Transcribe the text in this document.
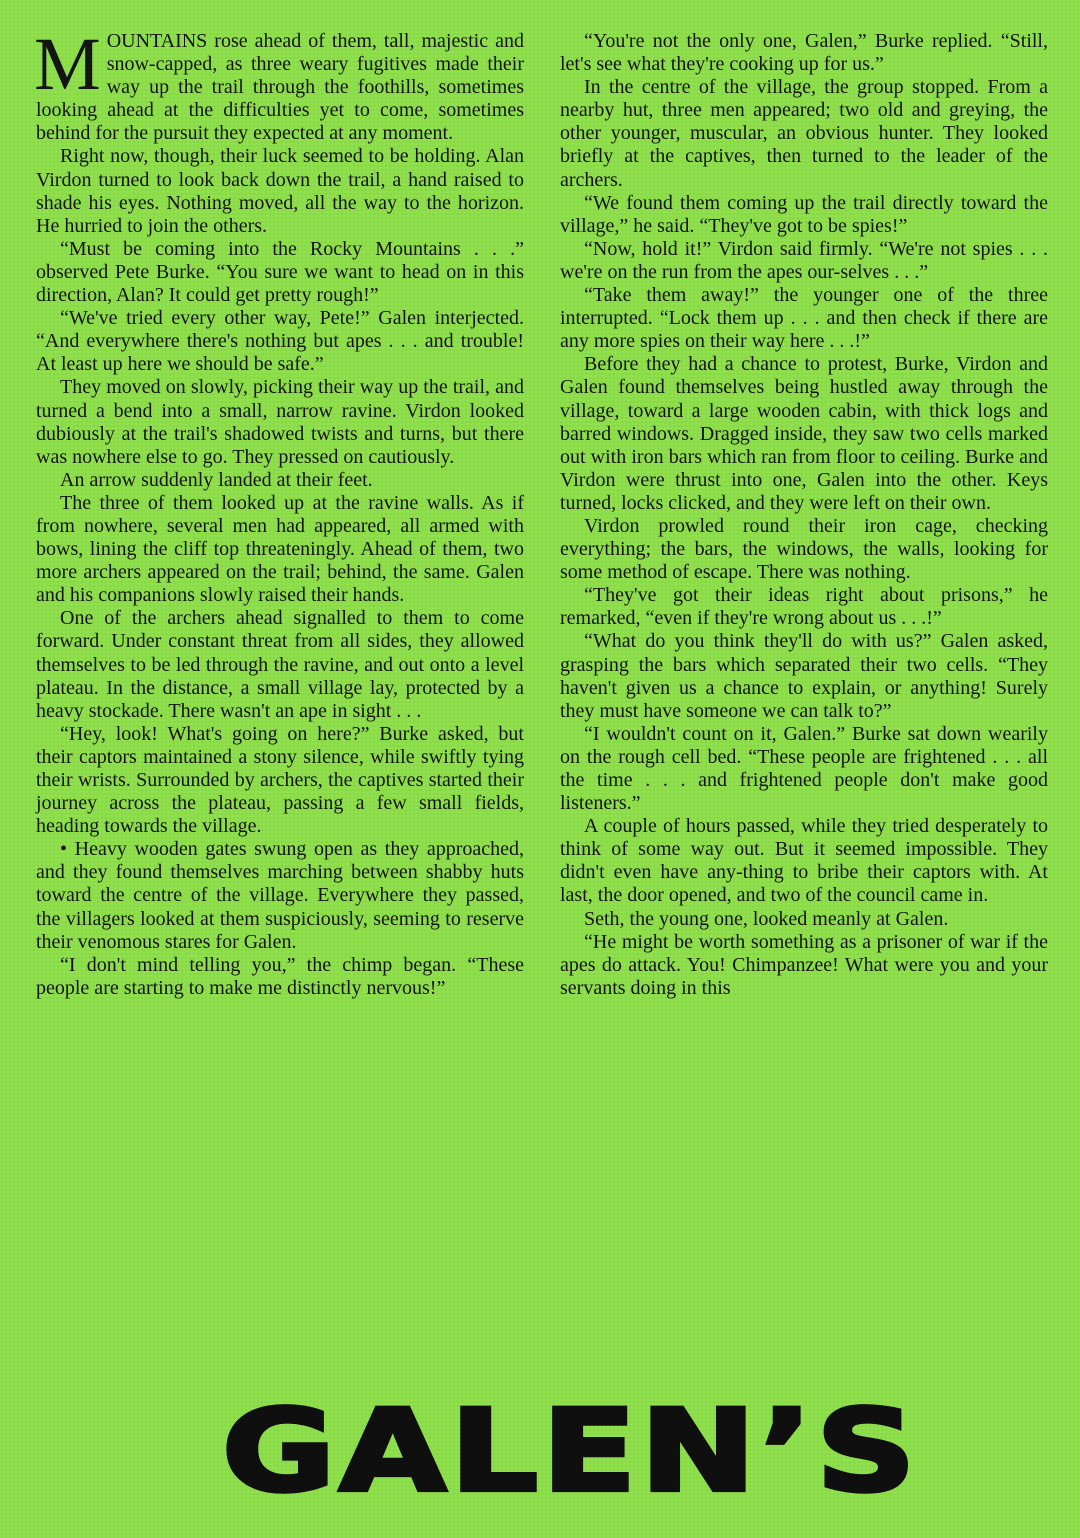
MOUNTAINS rose ahead of them, tall, majestic and snow-capped, as three weary fugitives made their way up the trail through the foothills, sometimes looking ahead at the difficulties yet to come, sometimes behind for the pursuit they expected at any moment.

Right now, though, their luck seemed to be holding. Alan Virdon turned to look back down the trail, a hand raised to shade his eyes. Nothing moved, all the way to the horizon. He hurried to join the others.

“Must be coming into the Rocky Mountains . . .” observed Pete Burke. “You sure we want to head on in this direction, Alan? It could get pretty rough!”

“We've tried every other way, Pete!” Galen interjected. “And everywhere there's nothing but apes . . . and trouble! At least up here we should be safe.”

They moved on slowly, picking their way up the trail, and turned a bend into a small, narrow ravine. Virdon looked dubiously at the trail's shadowed twists and turns, but there was nowhere else to go. They pressed on cautiously.

An arrow suddenly landed at their feet.

The three of them looked up at the ravine walls. As if from nowhere, several men had appeared, all armed with bows, lining the cliff top threateningly. Ahead of them, two more archers appeared on the trail; behind, the same. Galen and his companions slowly raised their hands.

One of the archers ahead signalled to them to come forward. Under constant threat from all sides, they allowed themselves to be led through the ravine, and out onto a level plateau. In the distance, a small village lay, protected by a heavy stockade. There wasn't an ape in sight . . .

“Hey, look! What's going on here?” Burke asked, but their captors maintained a stony silence, while swiftly tying their wrists. Surrounded by archers, the captives started their journey across the plateau, passing a few small fields, heading towards the village.

• Heavy wooden gates swung open as they approached, and they found themselves marching between shabby huts toward the centre of the village. Everywhere they passed, the villagers looked at them suspiciously, seeming to reserve their venomous stares for Galen.

“I don't mind telling you,” the chimp began. “These people are starting to make me distinctly nervous!”

“You're not the only one, Galen,” Burke replied. “Still, let's see what they're cooking up for us.”

In the centre of the village, the group stopped. From a nearby hut, three men appeared; two old and greying, the other younger, muscular, an obvious hunter. They looked briefly at the captives, then turned to the leader of the archers.

“We found them coming up the trail directly toward the village,” he said. “They've got to be spies!”

“Now, hold it!” Virdon said firmly. “We're not spies . . . we're on the run from the apes our-selves . . .”

“Take them away!” the younger one of the three interrupted. “Lock them up . . . and then check if there are any more spies on their way here . . .!”

Before they had a chance to protest, Burke, Virdon and Galen found themselves being hustled away through the village, toward a large wooden cabin, with thick logs and barred windows. Dragged inside, they saw two cells marked out with iron bars which ran from floor to ceiling. Burke and Virdon were thrust into one, Galen into the other. Keys turned, locks clicked, and they were left on their own.

Virdon prowled round their iron cage, checking everything; the bars, the windows, the walls, looking for some method of escape. There was nothing.

“They've got their ideas right about prisons,” he remarked, “even if they're wrong about us . . .!”

“What do you think they'll do with us?” Galen asked, grasping the bars which separated their two cells. “They haven't given us a chance to explain, or anything! Surely they must have someone we can talk to?”

“I wouldn't count on it, Galen.” Burke sat down wearily on the rough cell bed. “These people are frightened . . . all the time . . . and frightened people don't make good listeners.”

A couple of hours passed, while they tried desperately to think of some way out. But it seemed impossible. They didn't even have any-thing to bribe their captors with. At last, the door opened, and two of the council came in.

Seth, the young one, looked meanly at Galen.

“He might be worth something as a prisoner of war if the apes do attack. You! Chimpanzee! What were you and your servants doing in this

GALEN’S
